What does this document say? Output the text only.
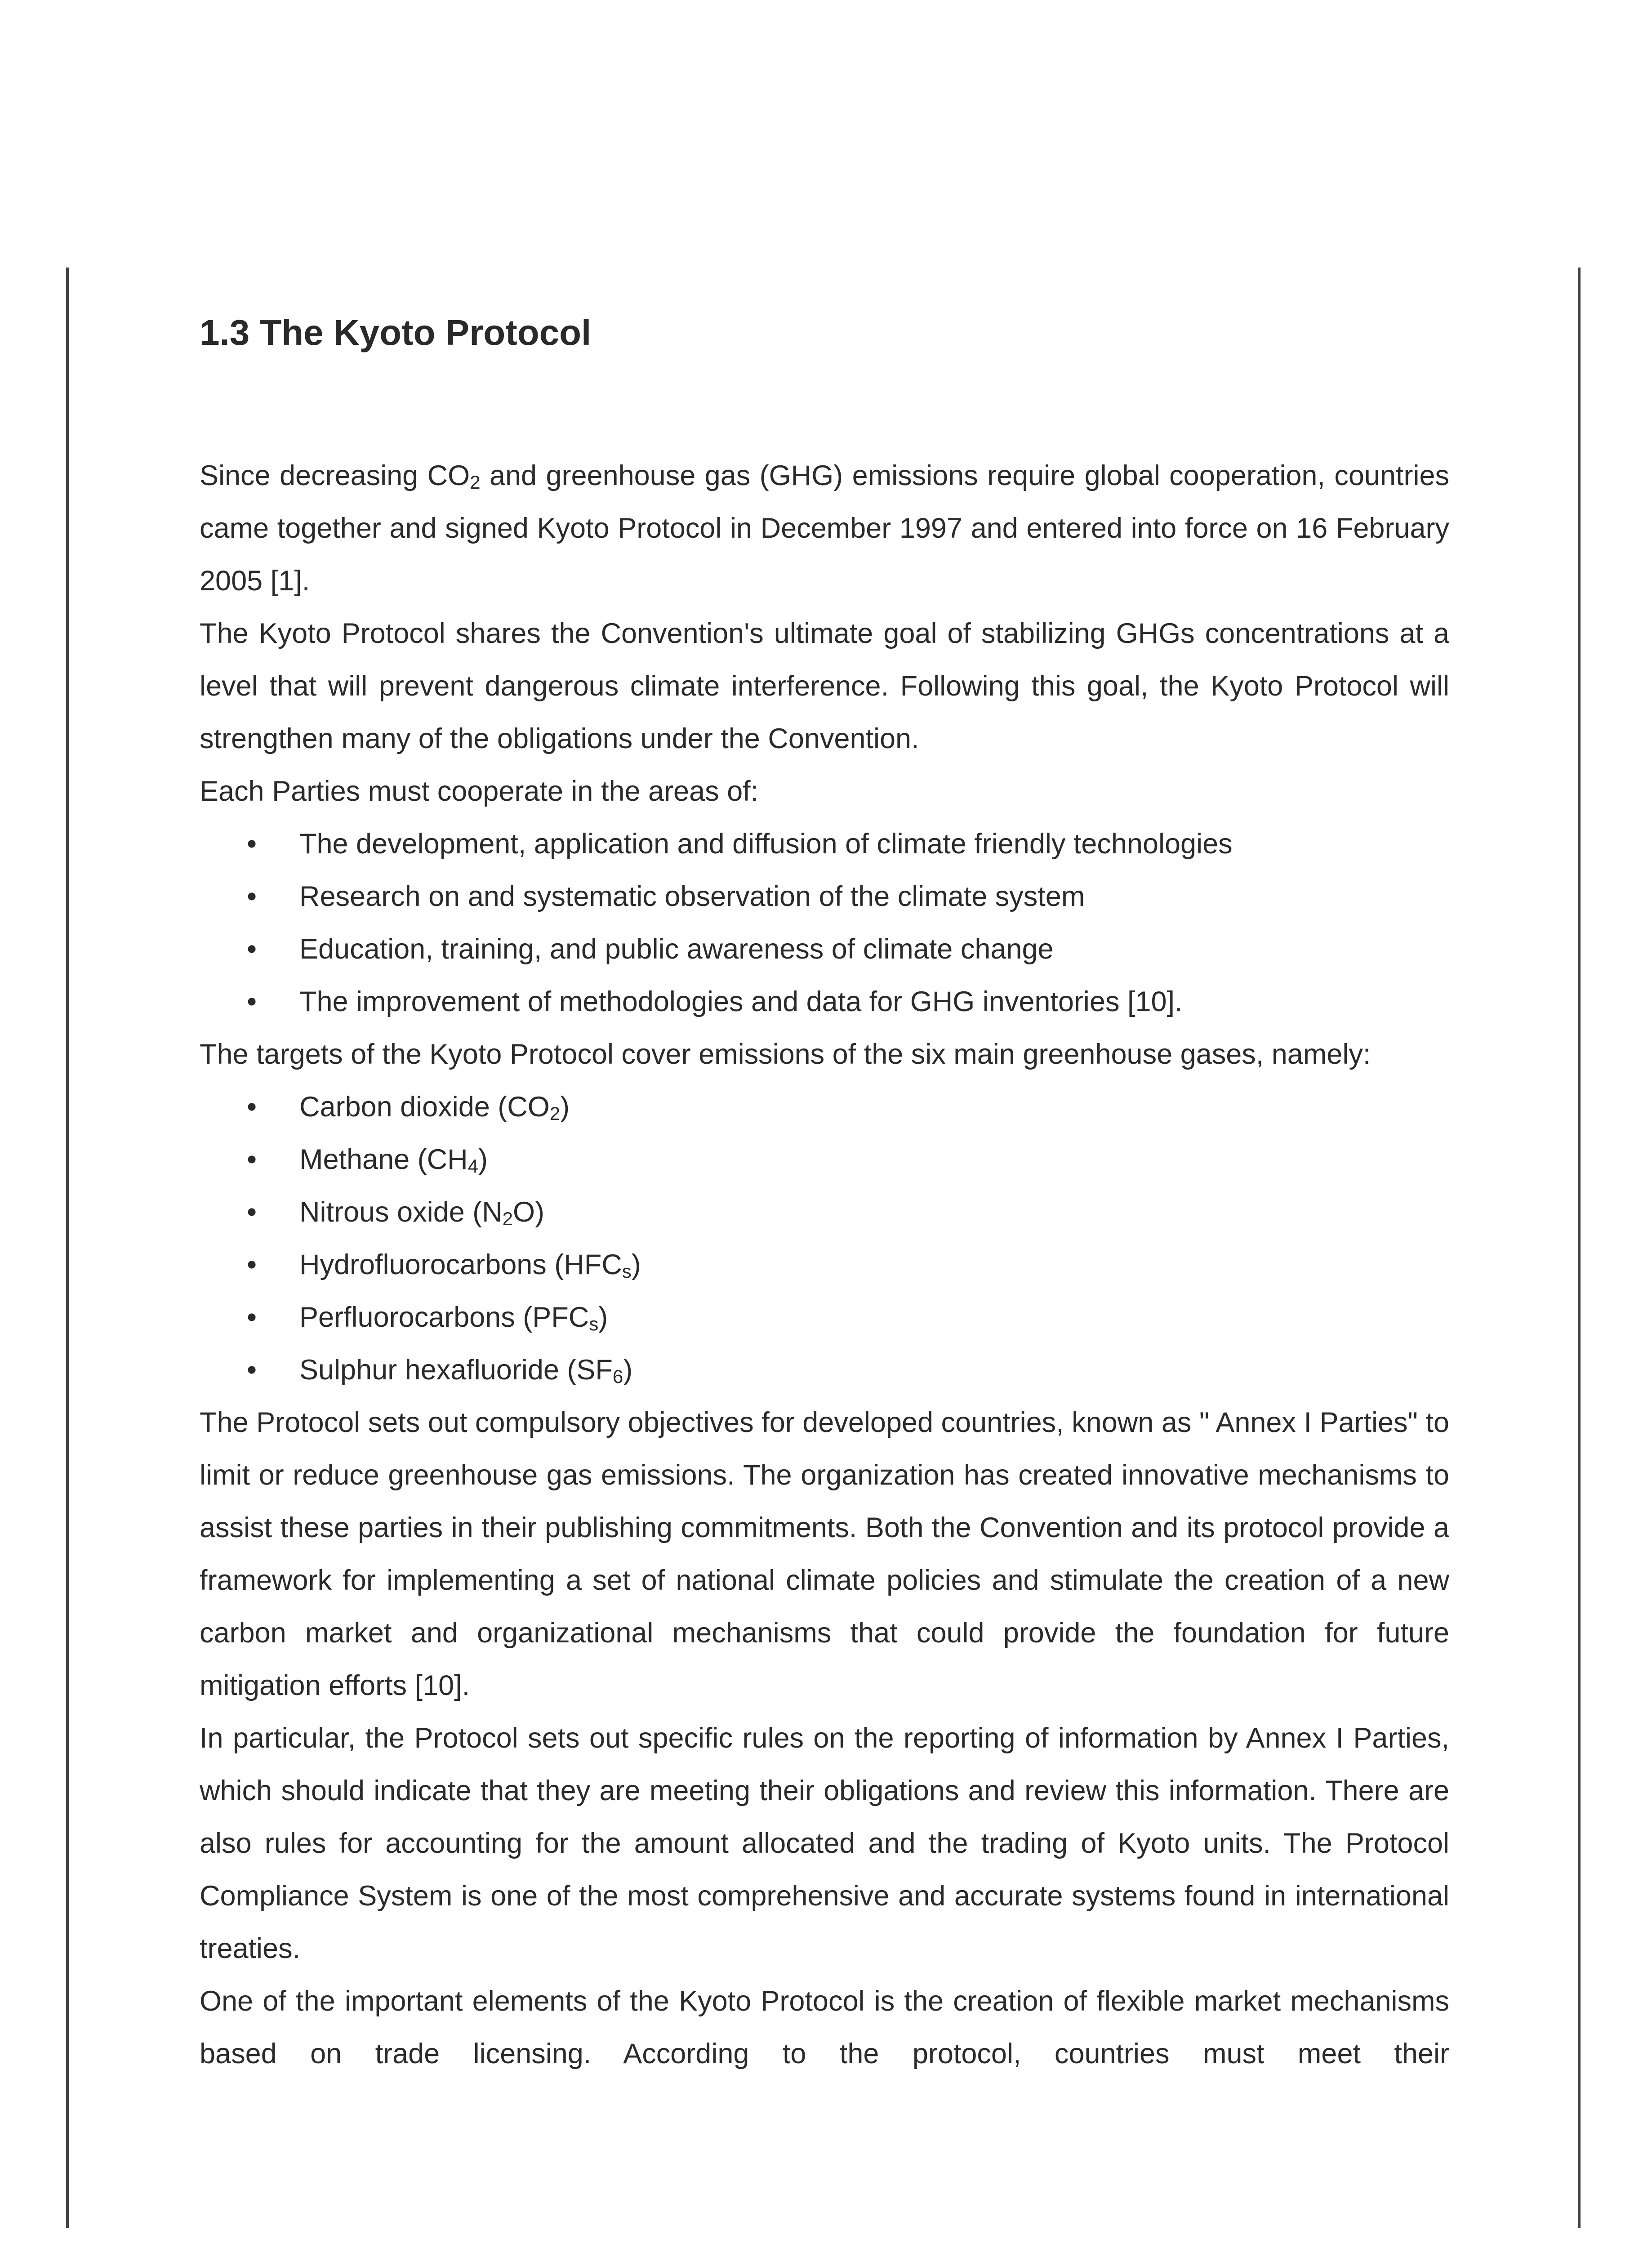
1.3 The Kyoto Protocol

Since decreasing CO2 and greenhouse gas (GHG) emissions require global cooperation, countries came together and signed Kyoto Protocol in December 1997 and entered into force on 16 February 2005 [1].

The Kyoto Protocol shares the Convention's ultimate goal of stabilizing GHGs concentrations at a level that will prevent dangerous climate interference. Following this goal, the Kyoto Protocol will strengthen many of the obligations under the Convention.

Each Parties must cooperate in the areas of:

• The development, application and diffusion of climate friendly technologies
• Research on and systematic observation of the climate system
• Education, training, and public awareness of climate change
• The improvement of methodologies and data for GHG inventories [10].

The targets of the Kyoto Protocol cover emissions of the six main greenhouse gases, namely:

• Carbon dioxide (CO2)
• Methane (CH4)
• Nitrous oxide (N2O)
• Hydrofluorocarbons (HFCs)
• Perfluorocarbons (PFCs)
• Sulphur hexafluoride (SF6)

The Protocol sets out compulsory objectives for developed countries, known as " Annex I Parties" to limit or reduce greenhouse gas emissions. The organization has created innovative mechanisms to assist these parties in their publishing commitments. Both the Convention and its protocol provide a framework for implementing a set of national climate policies and stimulate the creation of a new carbon market and organizational mechanisms that could provide the foundation for future mitigation efforts [10].

In particular, the Protocol sets out specific rules on the reporting of information by Annex I Parties, which should indicate that they are meeting their obligations and review this information. There are also rules for accounting for the amount allocated and the trading of Kyoto units. The Protocol Compliance System is one of the most comprehensive and accurate systems found in international treaties.

One of the important elements of the Kyoto Protocol is the creation of flexible market mechanisms based on trade licensing. According to the protocol, countries must meet their
